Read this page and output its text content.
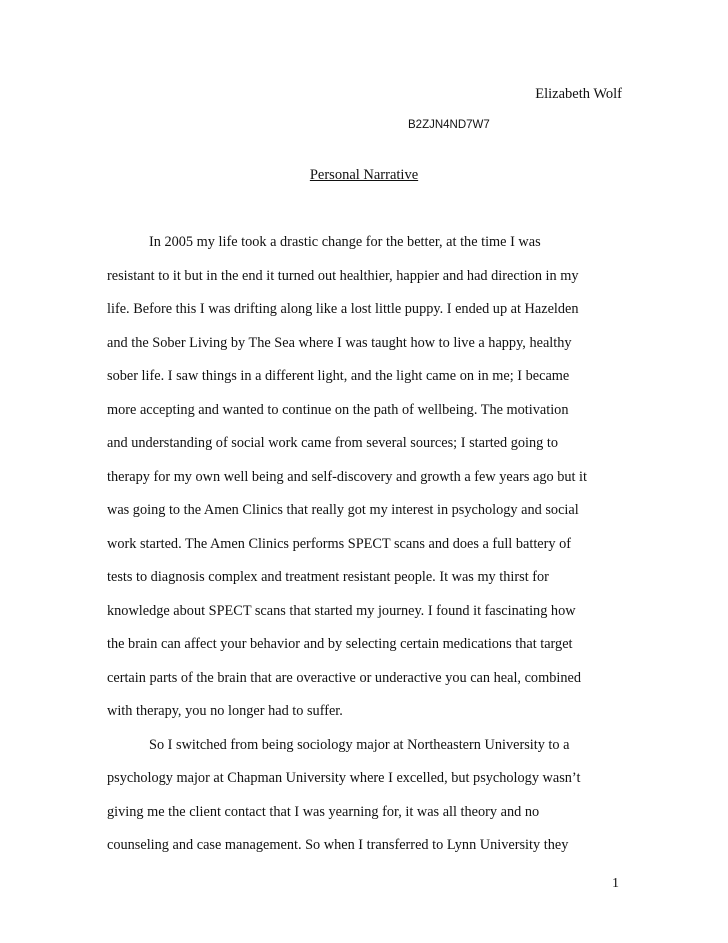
Elizabeth Wolf
B2ZJN4ND7W7
Personal Narrative
In 2005 my life took a drastic change for the better, at the time I was
resistant to it but in the end it turned out healthier, happier and had direction in my
life. Before this I was drifting along like a lost little puppy. I ended up at Hazelden
and the Sober Living by The Sea where I was taught how to live a happy, healthy
sober life. I saw things in a different light, and the light came on in me; I became
more accepting and wanted to continue on the path of wellbeing. The motivation
and understanding of social work came from several sources; I started going to
therapy for my own well being and self-discovery and growth a few years ago but it
was going to the Amen Clinics that really got my interest in psychology and social
work started. The Amen Clinics performs SPECT scans and does a full battery of
tests to diagnosis complex and treatment resistant people. It was my thirst for
knowledge about SPECT scans that started my journey. I found it fascinating how
the brain can affect your behavior and by selecting certain medications that target
certain parts of the brain that are overactive or underactive you can heal, combined
with therapy, you no longer had to suffer.
So I switched from being sociology major at Northeastern University to a
psychology major at Chapman University where I excelled, but psychology wasn’t
giving me the client contact that I was yearning for, it was all theory and no
counseling and case management. So when I transferred to Lynn University they
1
